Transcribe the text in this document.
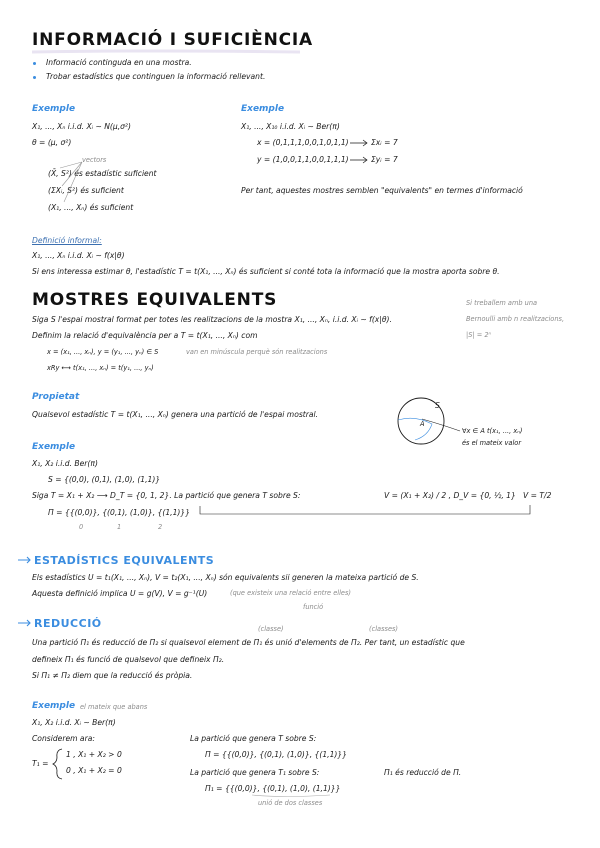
INFORMACIÓ I SUFICIÈNCIA
Informació continguda en una mostra.
Trobar estadístics que continguen la informació rellevant.
Exemple
X₁, ..., Xₙ i.i.d. Xᵢ ~ N(μ,σ²)
θ = (μ, σ²)
vectors
(X̄, S²) és estadístic suficient
(ΣXᵢ, S²) és suficient
(X₁, ..., Xₙ) és suficient
Exemple
X₁, ..., X₁₀ i.i.d. Xᵢ ~ Ber(π)
x = (0,1,1,1,0,0,1,0,1,1)
y = (1,0,0,1,1,0,0,1,1,1)
Σxᵢ = 7
Σyᵢ = 7
Per tant, aquestes mostres semblen "equivalents" en termes d'informació
Definició informal:
X₁, ..., Xₙ i.i.d. Xᵢ ~ f(x|θ)
Si ens interessa estimar θ, l'estadístic T = t(X₁, ..., Xₙ) és suficient si conté tota la informació que la mostra aporta sobre θ.
MOSTRES EQUIVALENTS	Si treballem amb una
Bernoulli amb n realitzacions,
|S| = 2ⁿ
Siga S l'espai mostral format per totes les realitzacions de la mostra X₁, ..., Xₙ, i.i.d. Xᵢ ~ f(x|θ).
Definim la relació d'equivalència per a T = t(X₁, ..., Xₙ) com
x = (x₁, ..., xₙ), y = (y₁, ..., yₙ) ∈ S	van en minúscula perquè són realitzacions
xRy ⟷ t(x₁, ..., xₙ) = t(y₁, ..., yₙ)
Propietat
Qualsevol estadístic T = t(X₁, ..., Xₙ) genera una partició de l'espai mostral.
S
A
∀x ∈ A t(x₁, ..., xₙ)
és el mateix valor
Exemple
X₁, X₂ i.i.d. Ber(π)
S = {(0,0), (0,1), (1,0), (1,1)}
Siga T = X₁ + X₂ ⟶ D_T = {0, 1, 2}. La partició que genera T sobre S:
Π = {{(0,0)}, {(0,1), (1,0)}, {(1,1)}}
0	1	2
V = (X₁ + X₂) / 2 , D_V = {0, ½, 1} V = T/2
ESTADÍSTICS EQUIVALENTS
Els estadístics U = t₁(X₁, ..., Xₙ), V = t₂(X₁, ..., Xₙ) són equivalents sii generen la mateixa partició de S.
Aquesta definició implica U = g(V), V = g⁻¹(U)	(que existeix una relació entre elles)
funció
REDUCCIÓ	(classe)	(classes)
Una partició Π₁ és reducció de Π₂ si qualsevol element de Π₁ és unió d'elements de Π₂. Per tant, un estadístic que
defineix Π₁ és funció de qualsevol que defineix Π₂.
Si Π₁ ≠ Π₂ diem que la reducció és pròpia.
Exemple el mateix que abans
X₁, X₂ i.i.d. Xᵢ ~ Ber(π)
Considerem ara:
T₁ =
1 , X₁ + X₂ > 0
0 , X₁ + X₂ = 0
La partició que genera T sobre S:
Π = {{(0,0)}, {(0,1), (1,0)}, {(1,1)}}
La partició que genera T₁ sobre S:
Π₁ = {{(0,0)}, {(0,1), (1,0), (1,1)}}
unió de dos classes
Π₁ és reducció de Π.
